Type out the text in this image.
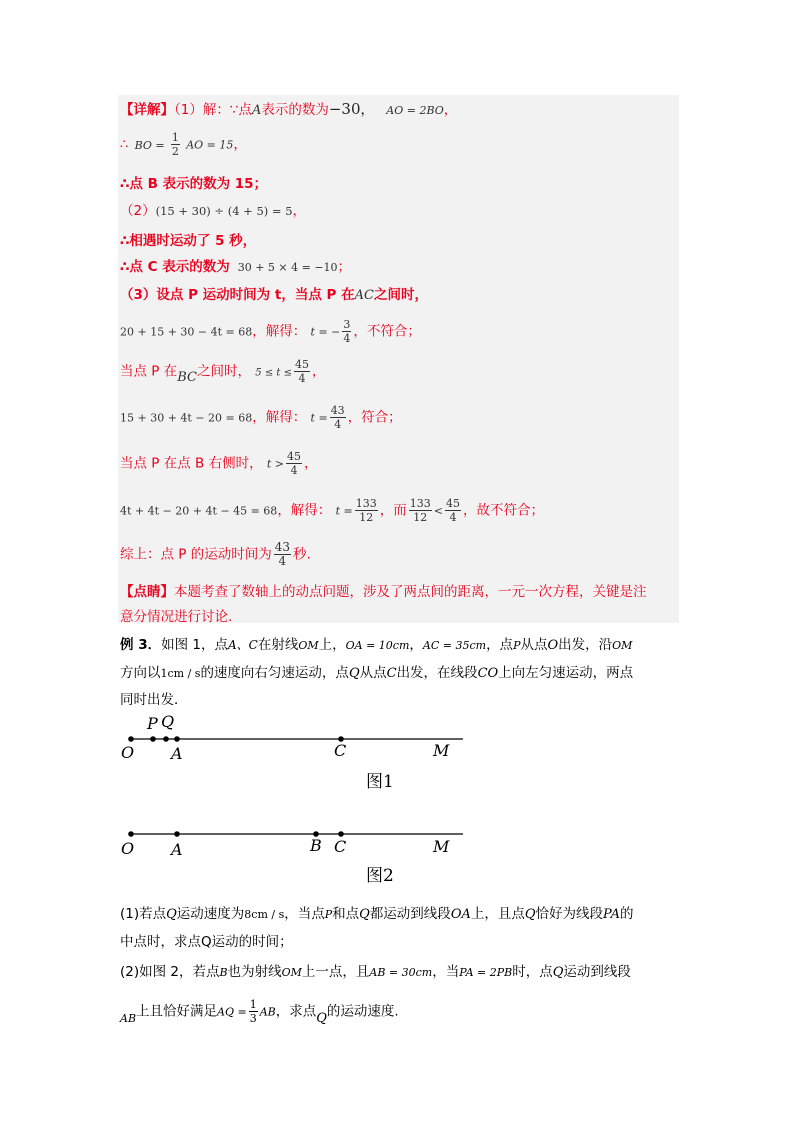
【详解】（1）解：∵点A表示的数为−30， AO = 2BO，
∴ BO = $\frac{1}{2}$ AO = 15，
∴点 B 表示的数为 15；
（2）(15 + 30) ÷ (4 + 5) = 5，
∴相遇时运动了 5 秒，
∴点 C 表示的数为 30 + 5 × 4 = −10；
（3）设点 P 运动时间为 t，当点 P 在AC之间时，
20 + 15 + 30 − 4t = 68，解得： t = − $\frac{3}{4}$ ，不符合；
当点 P 在BC之间时， $5 \le t \le \frac{45}{4}$ ，
15 + 30 + 4t − 20 = 68，解得： $t = \frac{43}{4}$ ，符合；
当点 P 在点 B 右侧时， $t > \frac{45}{4}$ ，
4t + 4t − 20 + 4t − 45 = 68，解得： $t = \frac{133}{12}$ ，而 $\frac{133}{12} < \frac{45}{4}$ ，故不符合；
综上：点 P 的运动时间为 $\frac{43}{4}$ 秒.
【点睛】本题考查了数轴上的动点问题，涉及了两点间的距离，一元一次方程，关键是注
意分情况进行讨论.
例 3．如图 1，点A、C在射线OM上，OA = 10cm，AC = 35cm，点P从点O出发，沿OM
方向以1cm / s的速度向右匀速运动，点Q从点C出发，在线段CO上向左匀速运动，两点
同时出发．
O
P Q
A	C	M
图1
O A	B C	M
图2
(1)若点Q运动速度为8cm / s，当点P和点Q都运动到线段OA上，且点Q恰好为线段PA的
中点时，求点Q运动的时间；
(2)如图 2，若点B也为射线OM上一点，且AB = 30cm，当PA = 2PB时，点Q运动到线段
$_{AB}$上且恰好满足AQ = $\frac{1}{3}$ AB，求点Q的运动速度.
